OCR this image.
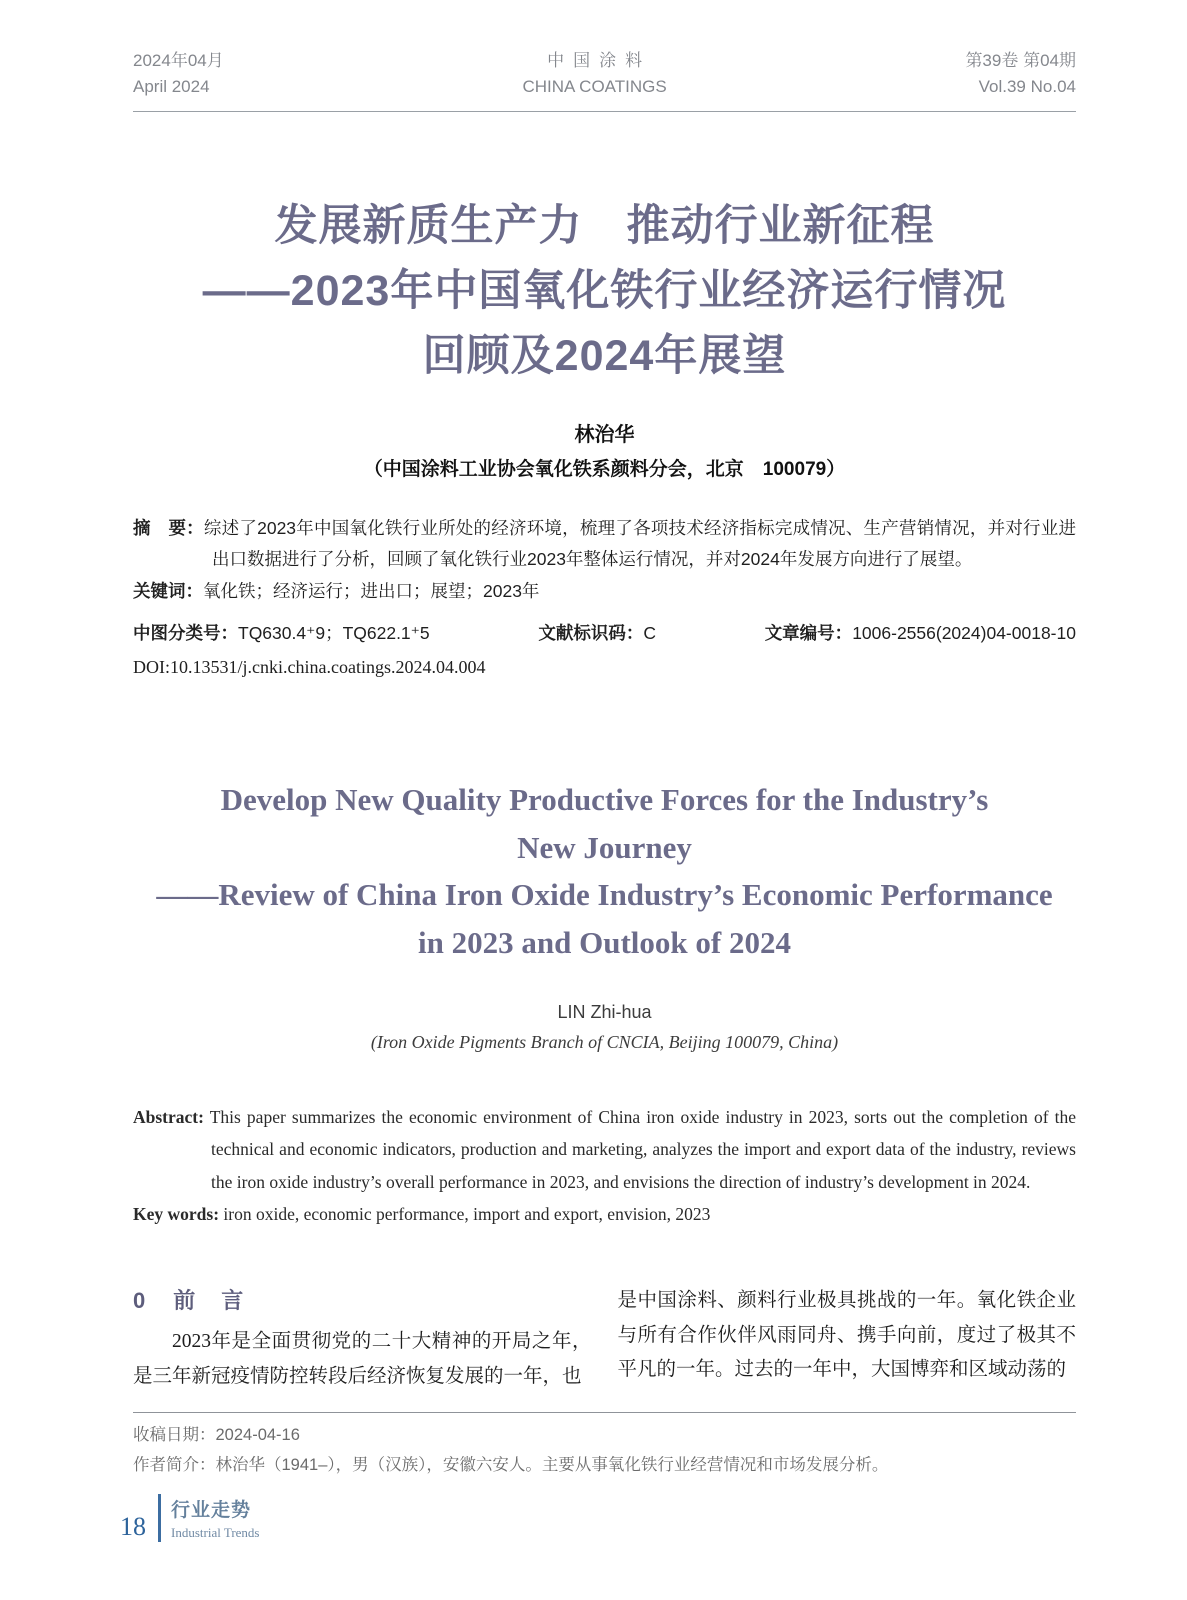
2024年04月
April 2024
中国涂料
CHINA COATINGS
第39卷 第04期
Vol.39 No.04
发展新质生产力　推动行业新征程
——2023年中国氧化铁行业经济运行情况
回顾及2024年展望
林治华
（中国涂料工业协会氧化铁系颜料分会，北京　100079）

摘　要：综述了2023年中国氧化铁行业所处的经济环境，梳理了各项技术经济指标完成情况、生产营销情况，并对行业进出口数据进行了分析，回顾了氧化铁行业2023年整体运行情况，并对2024年发展方向进行了展望。

关键词：氧化铁；经济运行；进出口；展望；2023年

中图分类号：TQ630.4⁺9；TQ622.1⁺5	文献标识码：C	文章编号：1006-2556(2024)04-0018-10
DOI:10.13531/j.cnki.china.coatings.2024.04.004
Develop New Quality Productive Forces for the Industry’s
New Journey
——Review of China Iron Oxide Industry’s Economic Performance
in 2023 and Outlook of 2024
LIN Zhi-hua
(Iron Oxide Pigments Branch of CNCIA, Beijing 100079, China)

Abstract: This paper summarizes the economic environment of China iron oxide industry in 2023, sorts out the completion of the technical and economic indicators, production and marketing, analyzes the import and export data of the industry, reviews the iron oxide industry’s overall performance in 2023, and envisions the direction of industry’s development in 2024.

Key words: iron oxide, economic performance, import and export, envision, 2023

0 前　言

2023年是全面贯彻党的二十大精神的开局之年，是三年新冠疫情防控转段后经济恢复发展的一年，也

是中国涂料、颜料行业极具挑战的一年。氧化铁企业与所有合作伙伴风雨同舟、携手向前，度过了极其不平凡的一年。过去的一年中，大国博弈和区域动荡的

收稿日期：2024-04-16

作者简介：林治华（1941–），男（汉族），安徽六安人。主要从事氧化铁行业经营情况和市场发展分析。

18
行业走势
Industrial Trends
